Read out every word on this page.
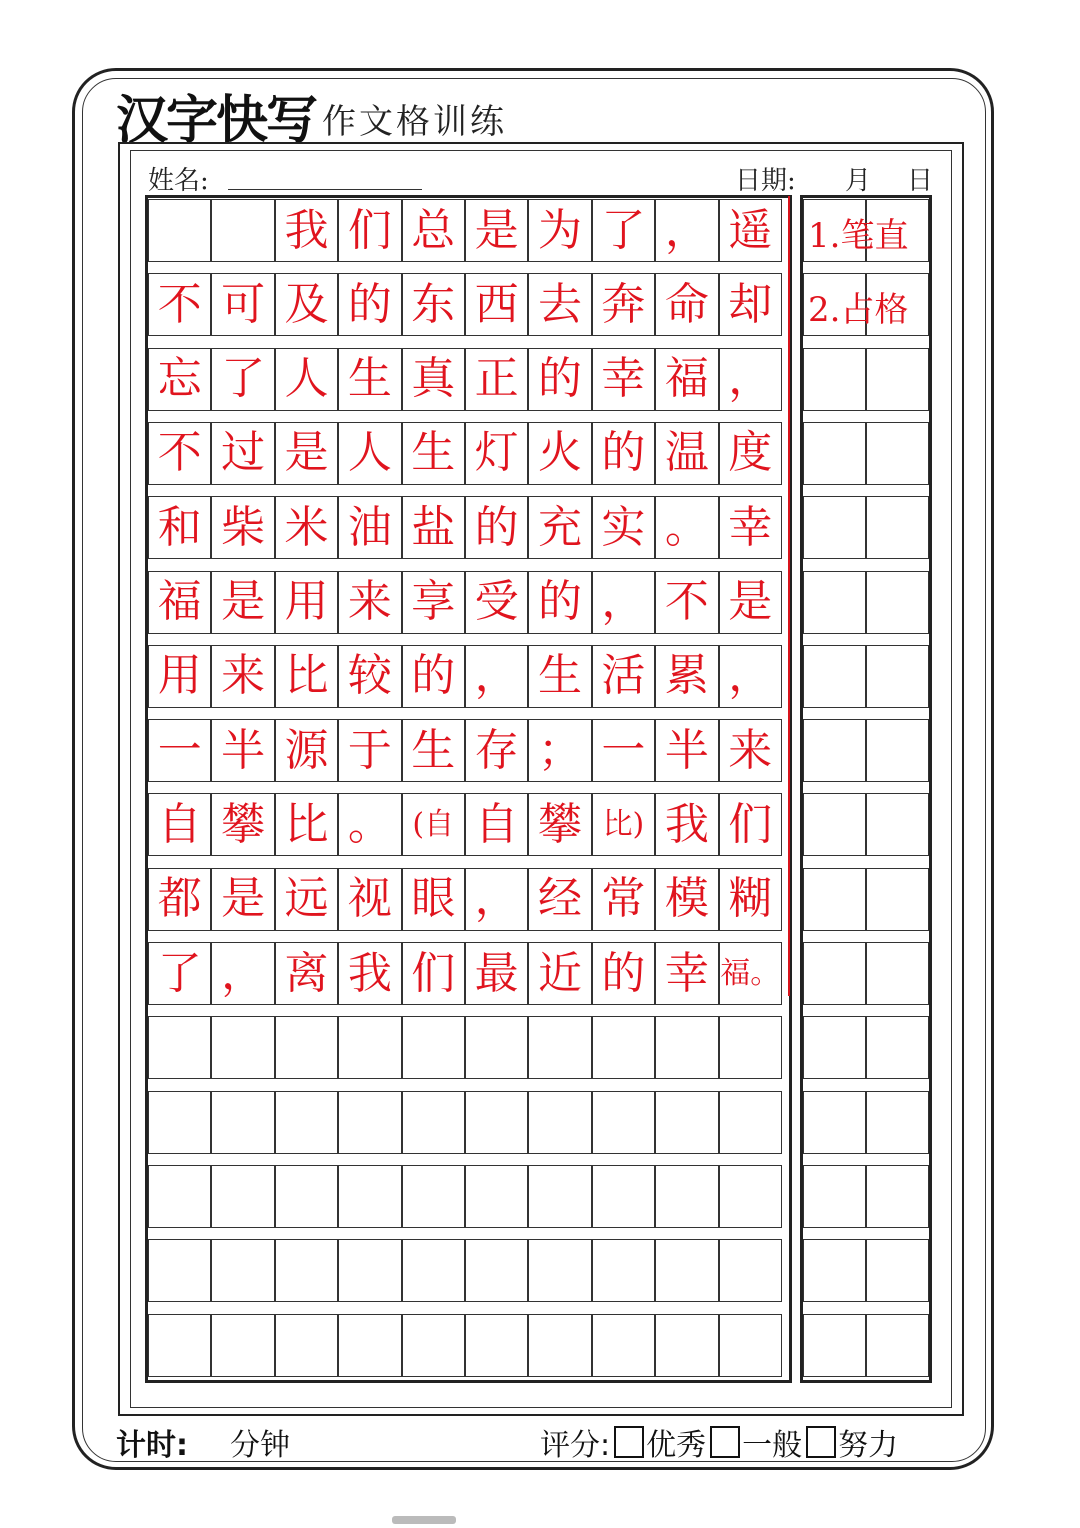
汉字快写 作文格训练
姓名:	日期: 月 日
我 们 总 是 为 了 ， 遥
不 可 及 的 东 西 去 奔 命 却
忘 了 人 生 真 正 的 幸 福 ，
不 过 是 人 生 灯 火 的 温 度
和 柴 米 油 盐 的 充 实 。 幸
福 是 用 来 享 受 的 ， 不 是
用 来 比 较 的 ， 生 活 累 ，
一 半 源 于 生 存 ； 一 半 来
自 攀 比 。 (自 自 攀 比) 我 们
都 是 远 视 眼 ， 经 常 模 糊
了 ， 离 我 们 最 近 的 幸 福。
1.笔直
2.占格
计时: 分钟	评分: 优秀 一般 努力
